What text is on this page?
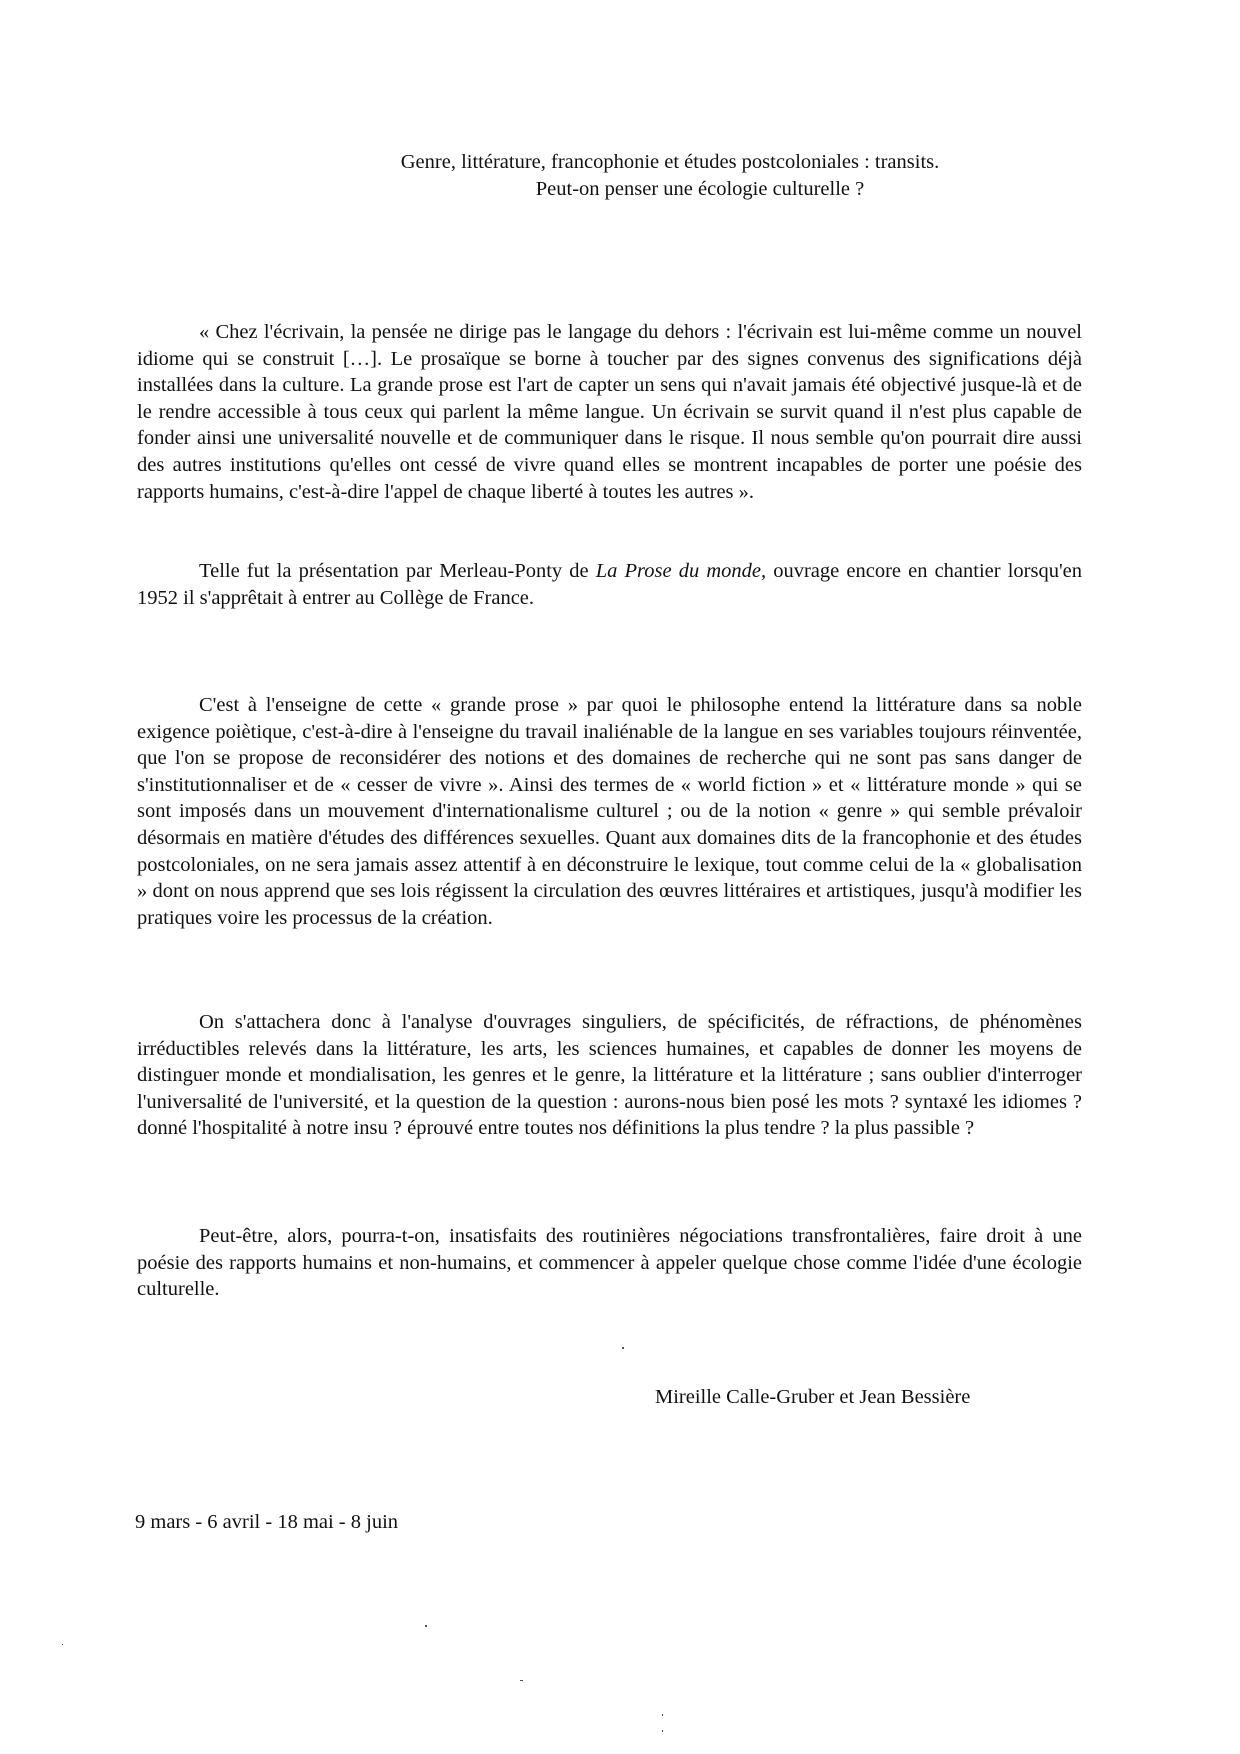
Genre, littérature, francophonie et études postcoloniales : transits.
Peut-on penser une écologie culturelle ?

« Chez l'écrivain, la pensée ne dirige pas le langage du dehors : l'écrivain est lui-même comme un nouvel idiome qui se construit […]. Le prosaïque se borne à toucher par des signes convenus des significations déjà installées dans la culture. La grande prose est l'art de capter un sens qui n'avait jamais été objectivé jusque-là et de le rendre accessible à tous ceux qui parlent la même langue. Un écrivain se survit quand il n'est plus capable de fonder ainsi une universalité nouvelle et de communiquer dans le risque. Il nous semble qu'on pourrait dire aussi des autres institutions qu'elles ont cessé de vivre quand elles se montrent incapables de porter une poésie des rapports humains, c'est-à-dire l'appel de chaque liberté à toutes les autres ».

Telle fut la présentation par Merleau-Ponty de La Prose du monde, ouvrage encore en chantier lorsqu'en 1952 il s'apprêtait à entrer au Collège de France.

C'est à l'enseigne de cette « grande prose » par quoi le philosophe entend la littérature dans sa noble exigence poiètique, c'est-à-dire à l'enseigne du travail inaliénable de la langue en ses variables toujours réinventée, que l'on se propose de reconsidérer des notions et des domaines de recherche qui ne sont pas sans danger de s'institutionnaliser et de « cesser de vivre ». Ainsi des termes de « world fiction » et « littérature monde » qui se sont imposés dans un mouvement d'internationalisme culturel ; ou de la notion « genre » qui semble prévaloir désormais en matière d'études des différences sexuelles. Quant aux domaines dits de la francophonie et des études postcoloniales, on ne sera jamais assez attentif à en déconstruire le lexique, tout comme celui de la « globalisation » dont on nous apprend que ses lois régissent la circulation des œuvres littéraires et artistiques, jusqu'à modifier les pratiques voire les processus de la création.

On s'attachera donc à l'analyse d'ouvrages singuliers, de spécificités, de réfractions, de phénomènes irréductibles relevés dans la littérature, les arts, les sciences humaines, et capables de donner les moyens de distinguer monde et mondialisation, les genres et le genre, la littérature et la littérature ; sans oublier d'interroger l'universalité de l'université, et la question de la question : aurons-nous bien posé les mots ? syntaxé les idiomes ? donné l'hospitalité à notre insu ? éprouvé entre toutes nos définitions la plus tendre ? la plus passible ?

Peut-être, alors, pourra-t-on, insatisfaits des routinières négociations transfrontalières, faire droit à une poésie des rapports humains et non-humains, et commencer à appeler quelque chose comme l'idée d'une écologie culturelle.

Mireille Calle-Gruber et Jean Bessière
9 mars - 6 avril - 18 mai - 8 juin
